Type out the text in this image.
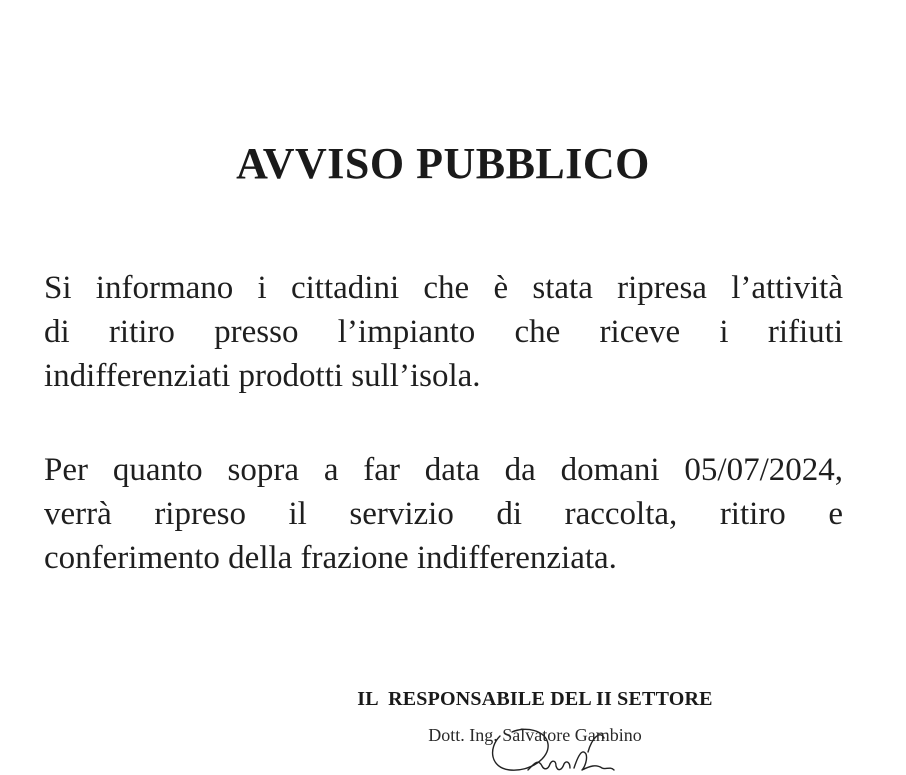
AVVISO PUBBLICO

Si informano i cittadini che è stata ripresa l’attività
di ritiro presso l’impianto che riceve i rifiuti
indifferenziati prodotti sull’isola.

Per quanto sopra a far data da domani 05/07/2024,
verrà ripreso il servizio di raccolta, ritiro e
conferimento della frazione indifferenziata.

IL  RESPONSABILE DEL II SETTORE
Dott. Ing. Salvatore Gambino
